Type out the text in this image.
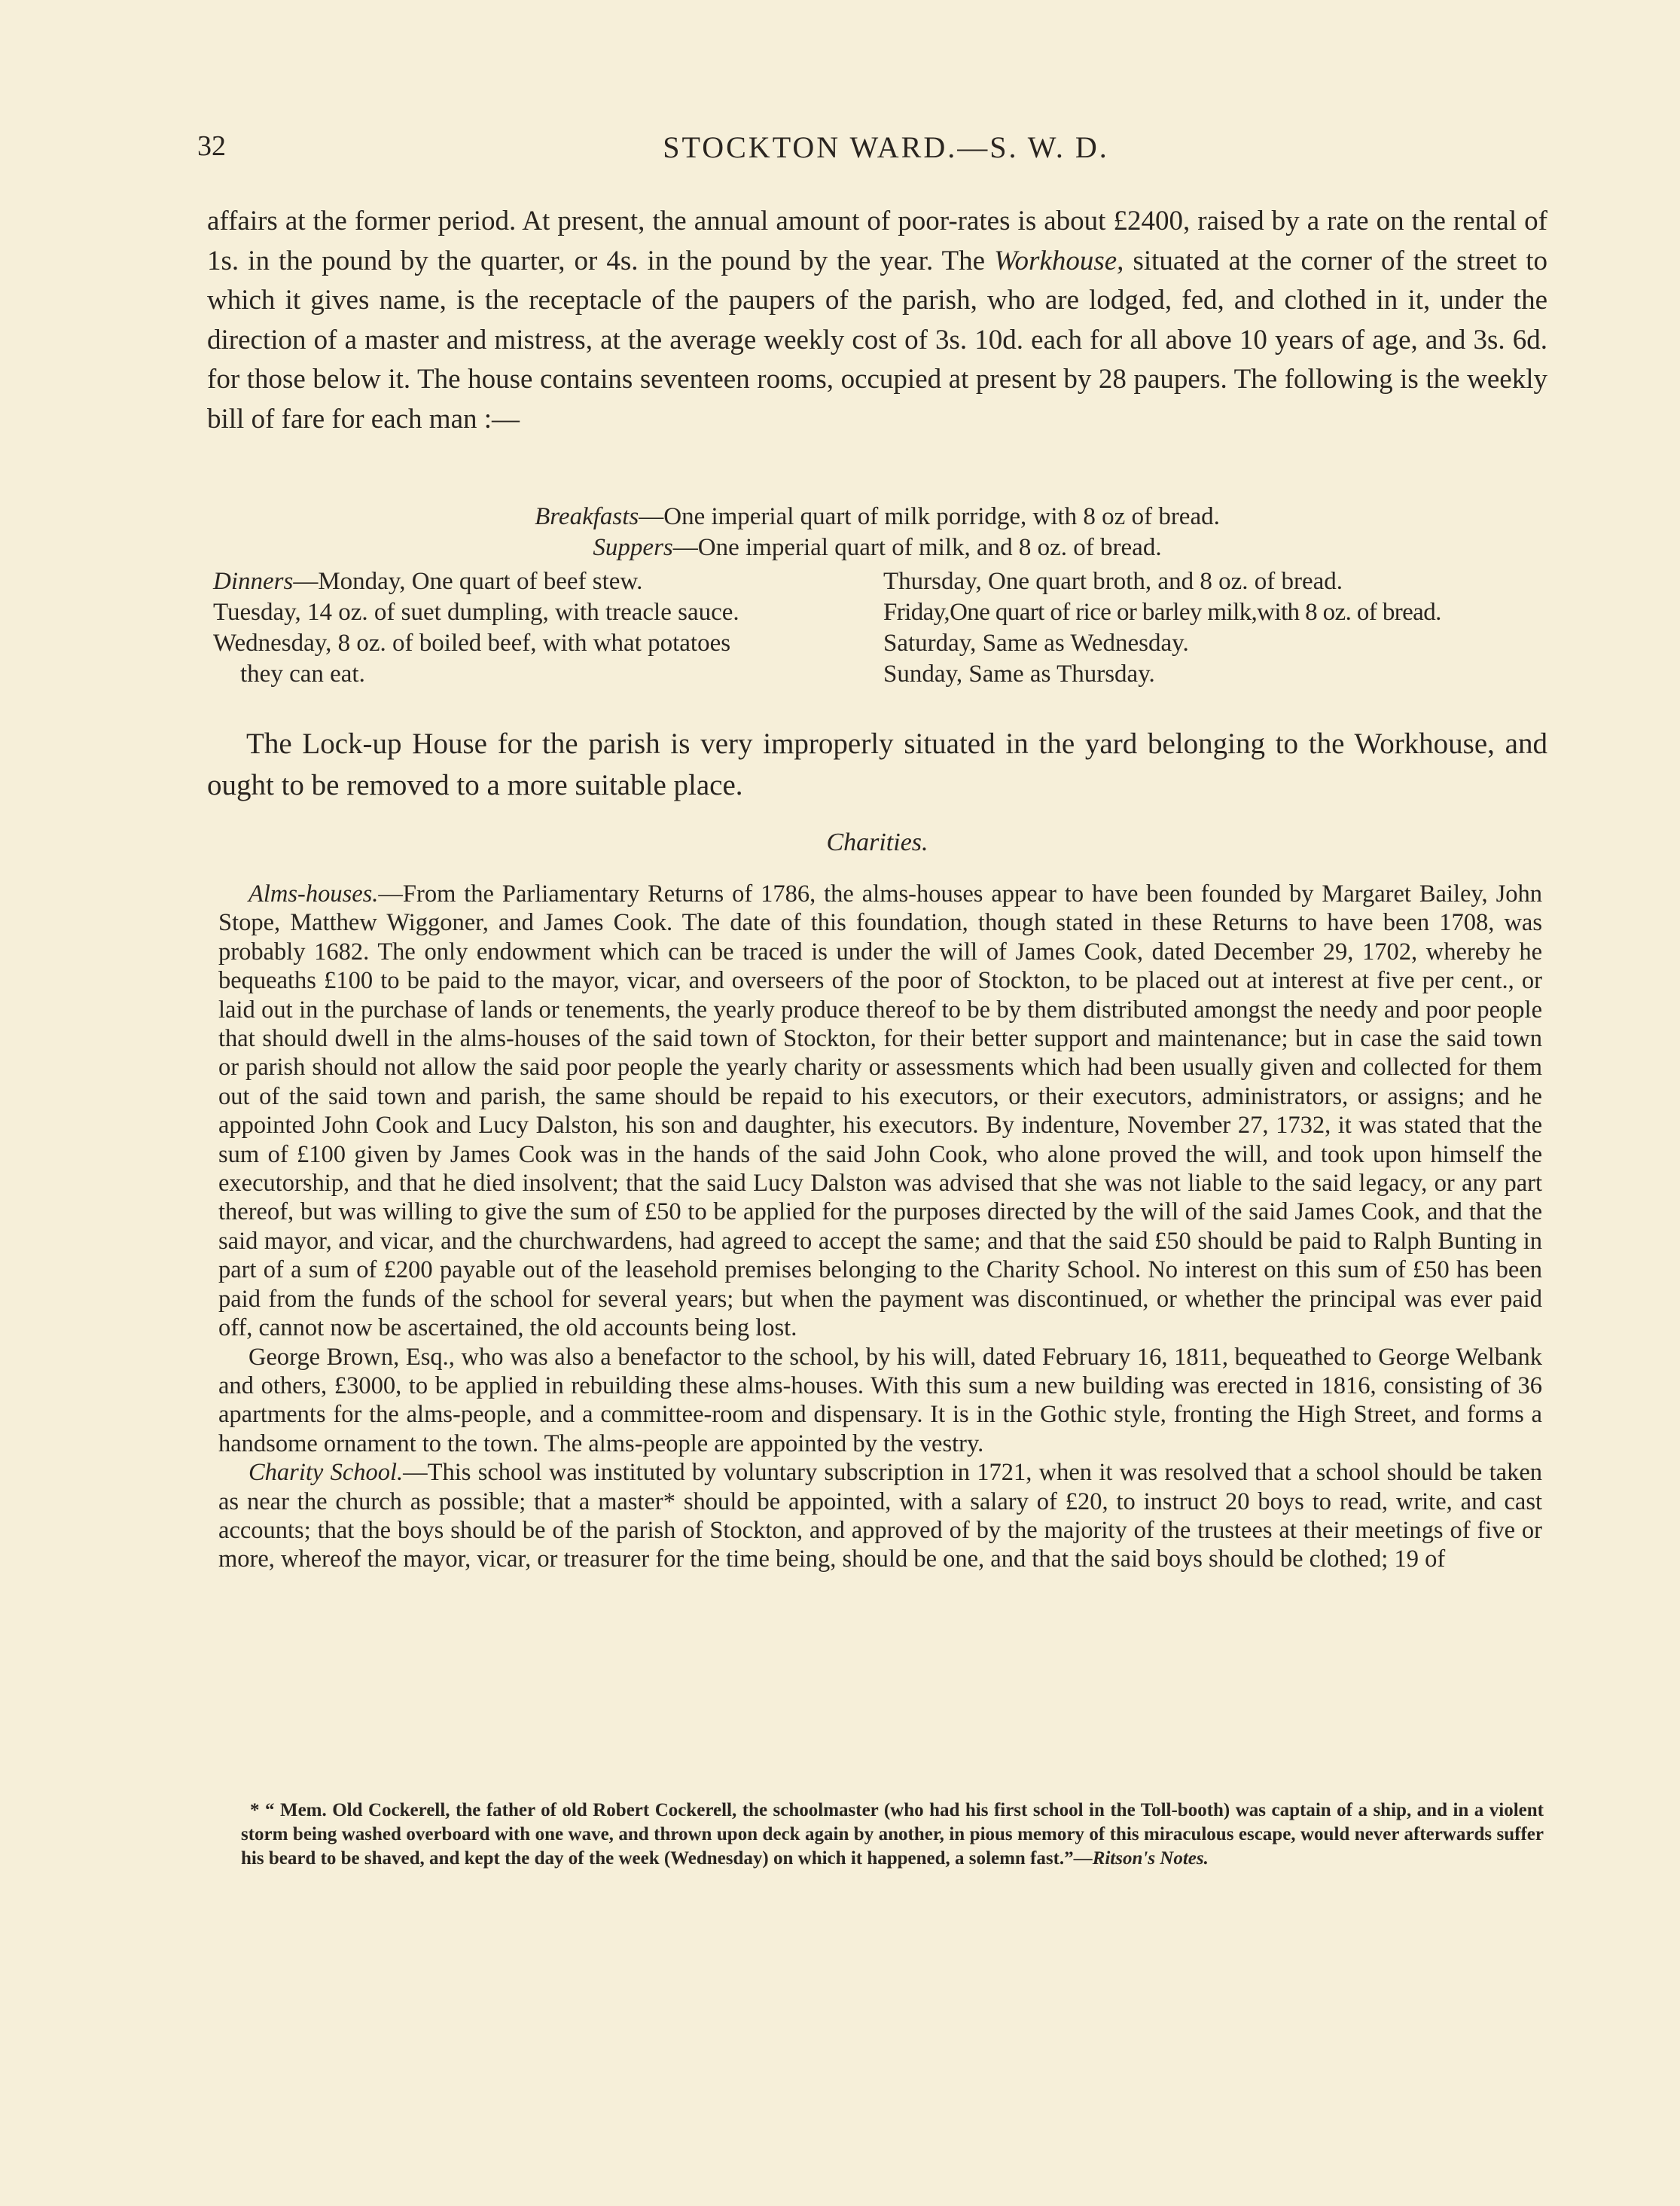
32	STOCKTON WARD.—S. W. D.

affairs at the former period. At present, the annual amount of poor-rates is about £2400, raised by a rate on the rental of 1s. in the pound by the quarter, or 4s. in the pound by the year. The Workhouse, situated at the corner of the street to which it gives name, is the receptacle of the paupers of the parish, who are lodged, fed, and clothed in it, under the direction of a master and mistress, at the average weekly cost of 3s. 10d. each for all above 10 years of age, and 3s. 6d. for those below it. The house contains seventeen rooms, occupied at present by 28 paupers. The following is the weekly bill of fare for each man :—

Breakfasts—One imperial quart of milk porridge, with 8 oz of bread.
Suppers—One imperial quart of milk, and 8 oz. of bread.
Dinners—Monday, One quart of beef stew.
Tuesday, 14 oz. of suet dumpling, with treacle sauce.
Wednesday, 8 oz. of boiled beef, with what potatoes
they can eat.
Thursday, One quart broth, and 8 oz. of bread.
Friday,One quart of rice or barley milk,with 8 oz. of bread.
Saturday, Same as Wednesday.
Sunday, Same as Thursday.

The Lock-up House for the parish is very improperly situated in the yard belonging to the Workhouse, and ought to be removed to a more suitable place.

Charities.

Alms-houses.—From the Parliamentary Returns of 1786, the alms-houses appear to have been founded by Margaret Bailey, John Stope, Matthew Wiggoner, and James Cook. The date of this foundation, though stated in these Returns to have been 1708, was probably 1682. The only endowment which can be traced is under the will of James Cook, dated December 29, 1702, whereby he bequeaths £100 to be paid to the mayor, vicar, and overseers of the poor of Stockton, to be placed out at interest at five per cent., or laid out in the purchase of lands or tenements, the yearly produce thereof to be by them distributed amongst the needy and poor people that should dwell in the alms-houses of the said town of Stockton, for their better support and maintenance; but in case the said town or parish should not allow the said poor people the yearly charity or assessments which had been usually given and collected for them out of the said town and parish, the same should be repaid to his executors, or their executors, administrators, or assigns; and he appointed John Cook and Lucy Dalston, his son and daughter, his executors. By indenture, November 27, 1732, it was stated that the sum of £100 given by James Cook was in the hands of the said John Cook, who alone proved the will, and took upon himself the executorship, and that he died insolvent; that the said Lucy Dalston was advised that she was not liable to the said legacy, or any part thereof, but was willing to give the sum of £50 to be applied for the purposes directed by the will of the said James Cook, and that the said mayor, and vicar, and the churchwardens, had agreed to accept the same; and that the said £50 should be paid to Ralph Bunting in part of a sum of £200 payable out of the leasehold premises belonging to the Charity School. No interest on this sum of £50 has been paid from the funds of the school for several years; but when the payment was discontinued, or whether the principal was ever paid off, cannot now be ascertained, the old accounts being lost.

George Brown, Esq., who was also a benefactor to the school, by his will, dated February 16, 1811, bequeathed to George Welbank and others, £3000, to be applied in rebuilding these alms-houses. With this sum a new building was erected in 1816, consisting of 36 apartments for the alms-people, and a committee-room and dispensary. It is in the Gothic style, fronting the High Street, and forms a handsome ornament to the town. The alms-people are appointed by the vestry.

Charity School.—This school was instituted by voluntary subscription in 1721, when it was resolved that a school should be taken as near the church as possible; that a master* should be appointed, with a salary of £20, to instruct 20 boys to read, write, and cast accounts; that the boys should be of the parish of Stockton, and approved of by the majority of the trustees at their meetings of five or more, whereof the mayor, vicar, or treasurer for the time being, should be one, and that the said boys should be clothed; 19 of

* “ Mem. Old Cockerell, the father of old Robert Cockerell, the schoolmaster (who had his first school in the Toll-booth) was captain of a ship, and in a violent storm being washed overboard with one wave, and thrown upon deck again by another, in pious memory of this miraculous escape, would never afterwards suffer his beard to be shaved, and kept the day of the week (Wednesday) on which it happened, a solemn fast.”—Ritson's Notes.
